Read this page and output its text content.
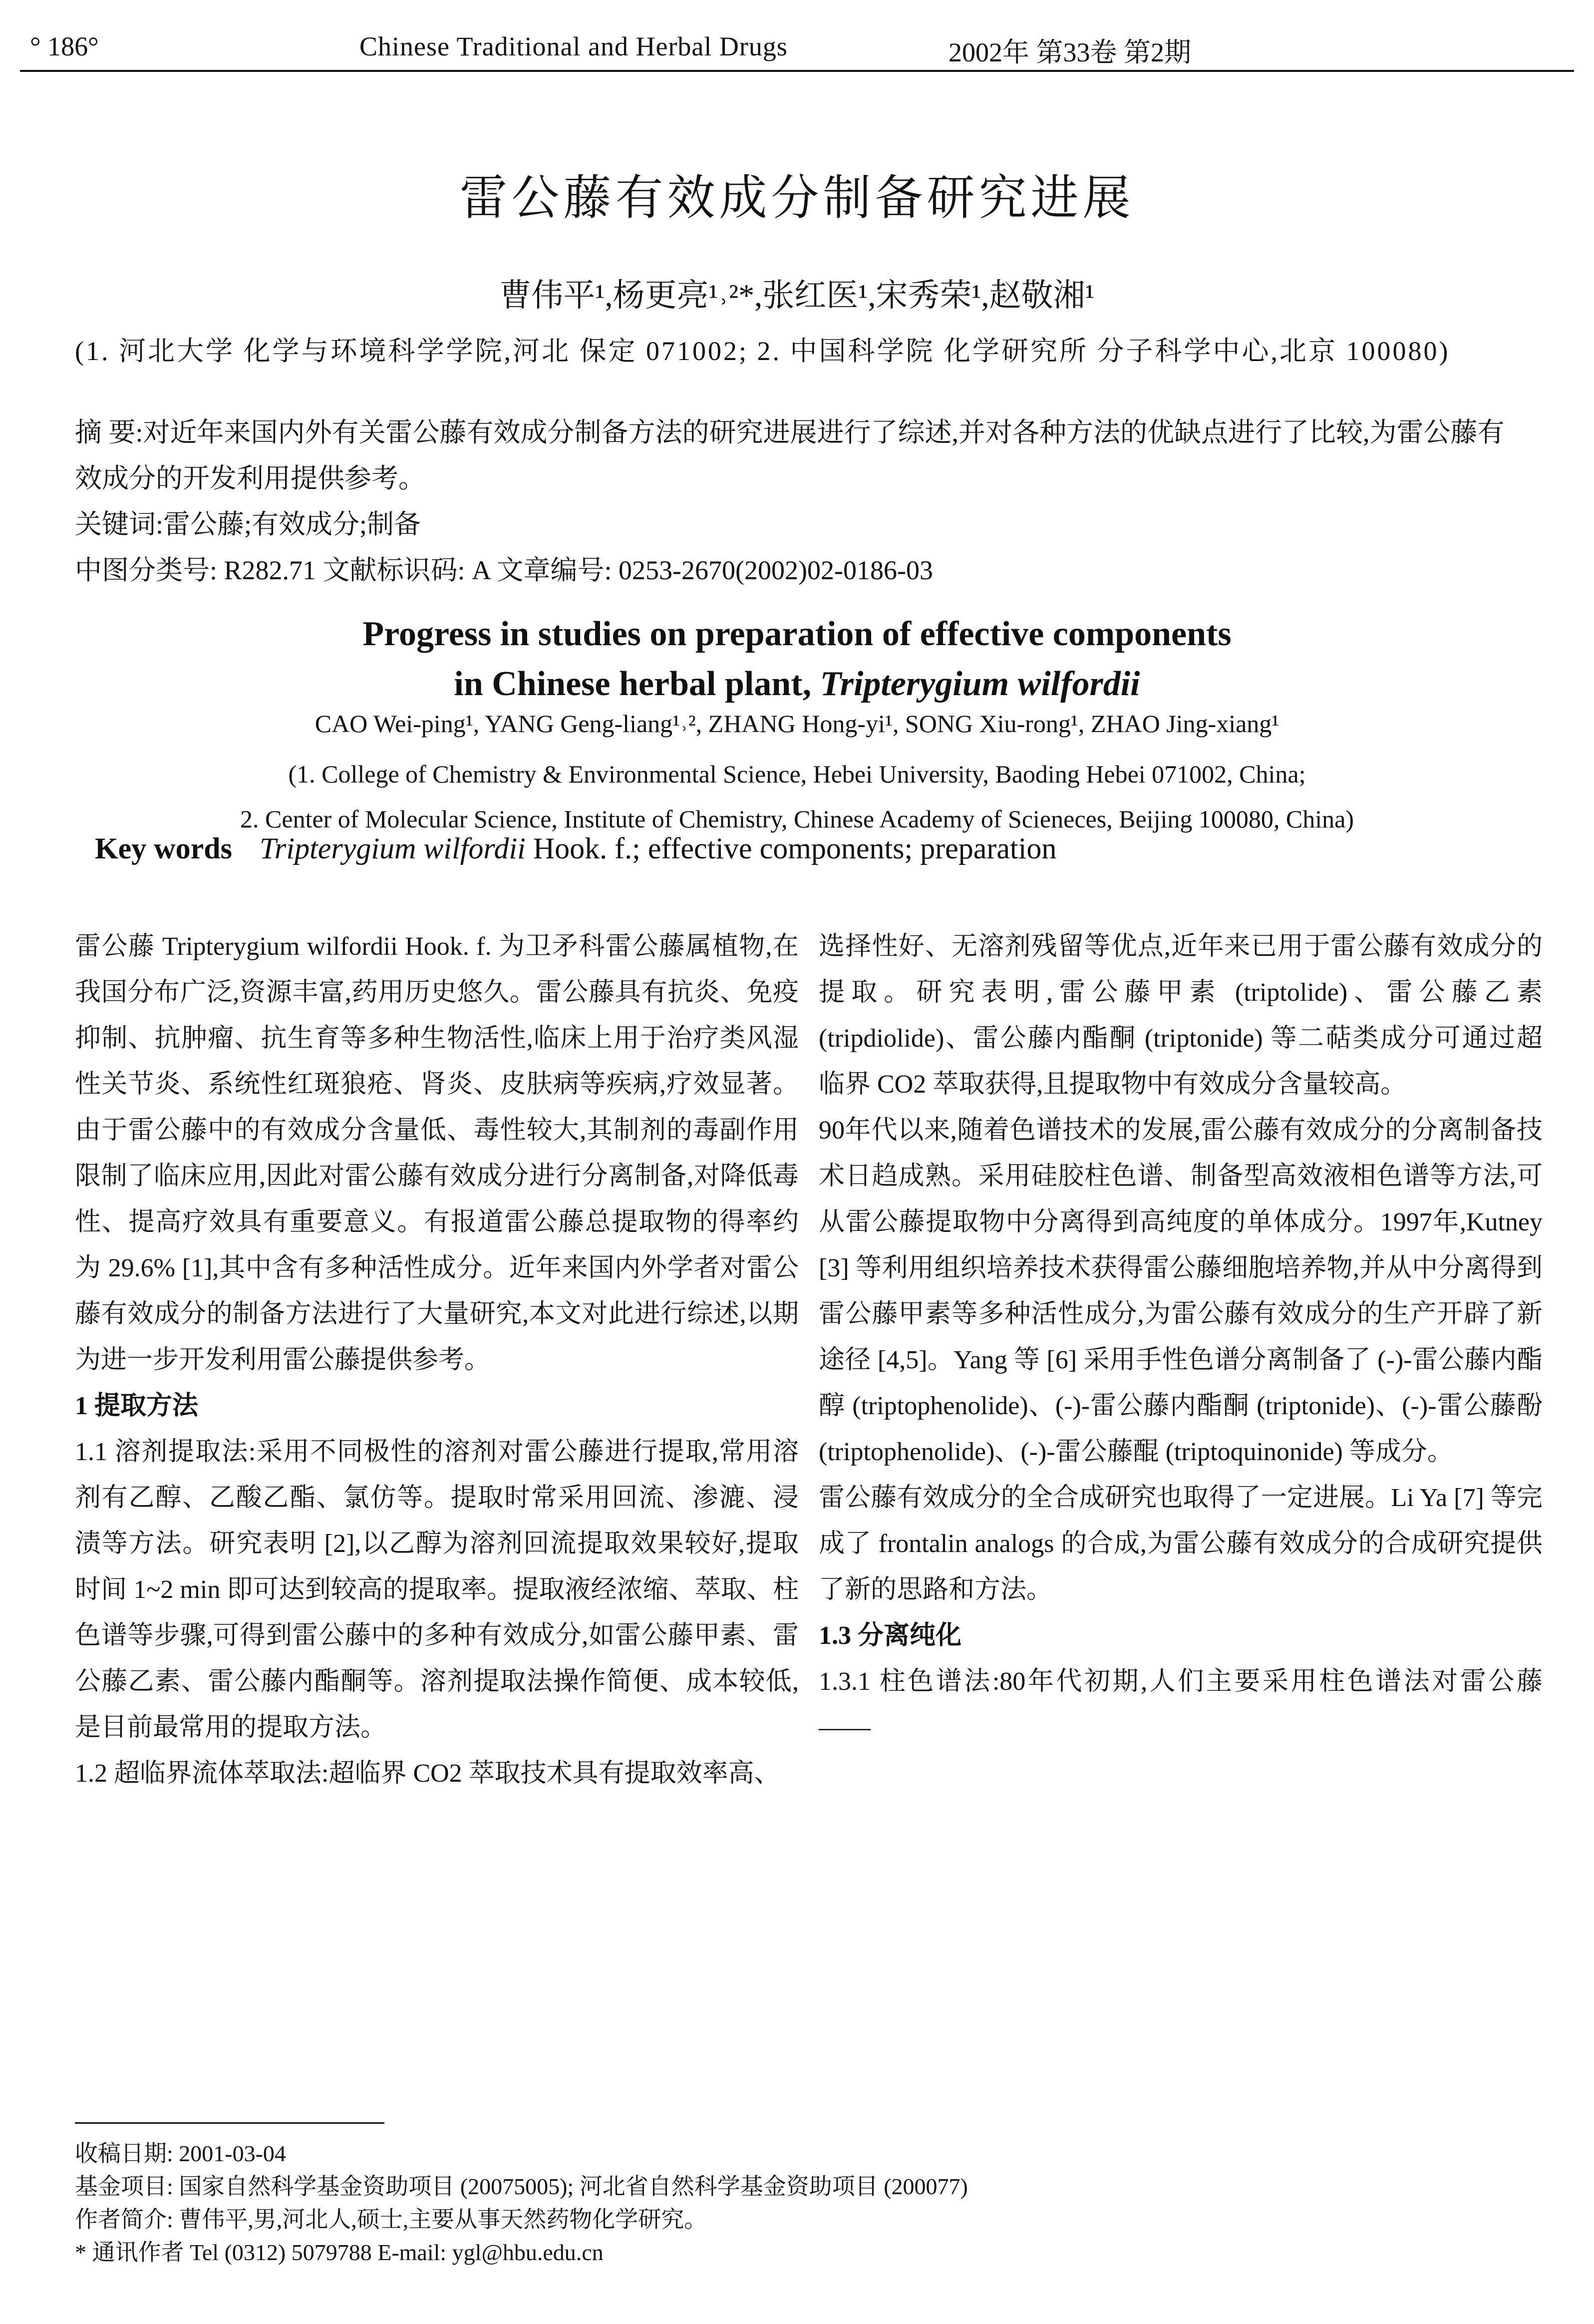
° 186°	Chinese Traditional and Herbal Drugs	2002年 第33卷 第2期
雷公藤有效成分制备研究进展
曹伟平¹,杨更亮¹˒²*,张红医¹,宋秀荣¹,赵敬湘¹
(1. 河北大学 化学与环境科学学院,河北 保定 071002; 2. 中国科学院 化学研究所 分子科学中心,北京 100080)

摘 要:对近年来国内外有关雷公藤有效成分制备方法的研究进展进行了综述,并对各种方法的优缺点进行了比较,为雷公藤有效成分的开发利用提供参考。

关键词:雷公藤;有效成分;制备

中图分类号: R282.71 文献标识码: A 文章编号: 0253-2670(2002)02-0186-03

Progress in studies on preparation of effective components
in Chinese herbal plant, Tripterygium wilfordii
CAO Wei-ping¹, YANG Geng-liang¹˒², ZHANG Hong-yi¹, SONG Xiu-rong¹, ZHAO Jing-xiang¹
(1. College of Chemistry & Environmental Science, Hebei University, Baoding Hebei 071002, China;
2. Center of Molecular Science, Institute of Chemistry, Chinese Academy of Scieneces, Beijing 100080, China)
Key words Tripterygium wilfordii Hook. f.; effective components; preparation

雷公藤 Tripterygium wilfordii Hook. f. 为卫矛科雷公藤属植物,在我国分布广泛,资源丰富,药用历史悠久。雷公藤具有抗炎、免疫抑制、抗肿瘤、抗生育等多种生物活性,临床上用于治疗类风湿性关节炎、系统性红斑狼疮、肾炎、皮肤病等疾病,疗效显著。由于雷公藤中的有效成分含量低、毒性较大,其制剂的毒副作用限制了临床应用,因此对雷公藤有效成分进行分离制备,对降低毒性、提高疗效具有重要意义。有报道雷公藤总提取物的得率约为 29.6% [1],其中含有多种活性成分。近年来国内外学者对雷公藤有效成分的制备方法进行了大量研究,本文对此进行综述,以期为进一步开发利用雷公藤提供参考。

1 提取方法

1.1 溶剂提取法:采用不同极性的溶剂对雷公藤进行提取,常用溶剂有乙醇、乙酸乙酯、氯仿等。提取时常采用回流、渗漉、浸渍等方法。研究表明 [2],以乙醇为溶剂回流提取效果较好,提取时间 1~2 min 即可达到较高的提取率。提取液经浓缩、萃取、柱色谱等步骤,可得到雷公藤中的多种有效成分,如雷公藤甲素、雷公藤乙素、雷公藤内酯酮等。溶剂提取法操作简便、成本较低,是目前最常用的提取方法。

1.2 超临界流体萃取法:超临界 CO2 萃取技术具有提取效率高、

选择性好、无溶剂残留等优点,近年来已用于雷公藤有效成分的提取。研究表明,雷公藤甲素 (triptolide)、雷公藤乙素 (tripdiolide)、雷公藤内酯酮 (triptonide) 等二萜类成分可通过超临界 CO2 萃取获得,且提取物中有效成分含量较高。

90年代以来,随着色谱技术的发展,雷公藤有效成分的分离制备技术日趋成熟。采用硅胶柱色谱、制备型高效液相色谱等方法,可从雷公藤提取物中分离得到高纯度的单体成分。1997年,Kutney [3] 等利用组织培养技术获得雷公藤细胞培养物,并从中分离得到雷公藤甲素等多种活性成分,为雷公藤有效成分的生产开辟了新途径 [4,5]。Yang 等 [6] 采用手性色谱分离制备了 (-)-雷公藤内酯醇 (triptophenolide)、(-)-雷公藤内酯酮 (triptonide)、(-)-雷公藤酚 (triptophenolide)、(-)-雷公藤醌 (triptoquinonide) 等成分。

雷公藤有效成分的全合成研究也取得了一定进展。Li Ya [7] 等完成了 frontalin analogs 的合成,为雷公藤有效成分的合成研究提供了新的思路和方法。

1.3 分离纯化

1.3.1 柱色谱法:80年代初期,人们主要采用柱色谱法对雷公藤 ——

收稿日期: 2001-03-04

基金项目: 国家自然科学基金资助项目 (20075005); 河北省自然科学基金资助项目 (200077)

作者简介: 曹伟平,男,河北人,硕士,主要从事天然药物化学研究。

* 通讯作者 Tel (0312) 5079788 E-mail: ygl@hbu.edu.cn
